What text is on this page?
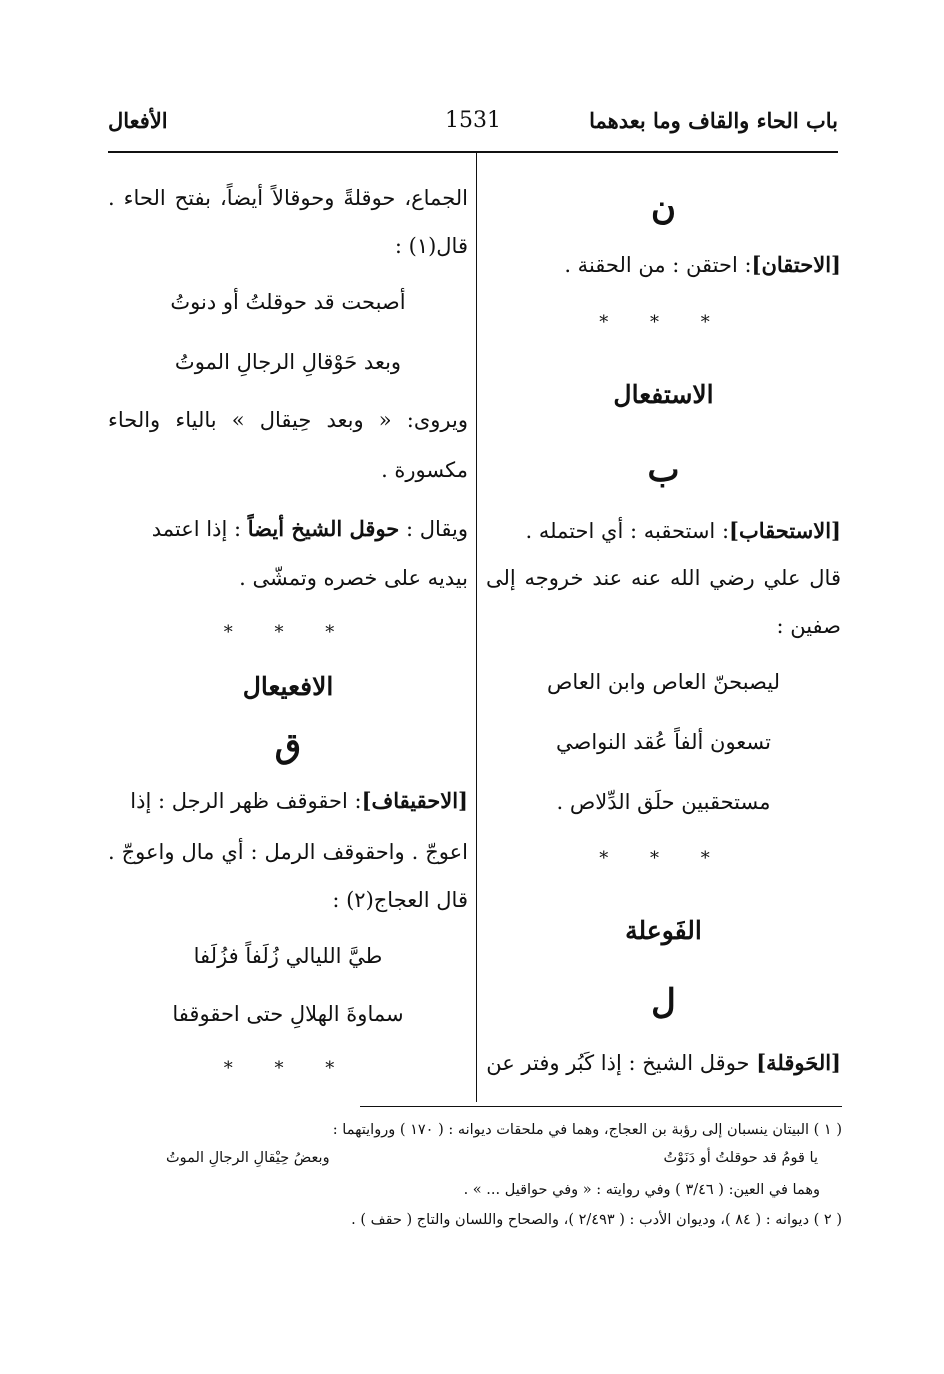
باب الحاء والقاف وما بعدهما
1531
الأفعال
ن
[الاحتقان]: احتقن : من الحقنة .
* * *
الاستفعال
ب
[الاستحقاب]: استحقبه : أي احتمله .
قال علي رضي الله عنه عند خروجه إلى
صفين :
ليصبحنّ العاص وابن العاص
تسعون ألفاً عُقد النواصي
مستحقبين حلَق الدِّلاص .
* * *
الفَوعلة
ل
[الحَوقلة] حوقل الشيخ : إذا كَبُر وفتر عن
الجماع، حوقلةً وحوقالاً أيضاً، بفتح الحاء .
قال(١) :
أصبحت قد حوقلتُ أو دنوتُ
وبعد حَوْقالِ الرجالِ الموتُ
ويروى: « وبعد حِيقال » بالياء والحاء
مكسورة .
ويقال : حوقل الشيخ أيضاً : إذا اعتمد
بيديه على خصره وتمشّى .
* * *
الافعيعال
ق
[الاحقيقاف]: احقوقف ظهر الرجل : إذا
اعوجّ . واحقوقف الرمل : أي مال واعوجّ .
قال العجاج(٢) :
طيَّ الليالي زُلَفاً فزُلَفا
سماوةَ الهلالِ حتى احقوقفا
* * *
( ١ ) البيتان ينسبان إلى رؤبة بن العجاج، وهما في ملحقات ديوانه : ( ١٧٠ ) وروايتهما :
يا قومُ قد حوقلتُ أو دَنَوْتُ
وبعضُ حِيْقالِ الرجالِ الموتُ
وهما في العين: ( ٣/٤٦ ) وفي روايته : « وفي حواقيل ... » .
( ٢ ) ديوانه : ( ٨٤ )، وديوان الأدب : ( ٢/٤٩٣ )، والصحاح واللسان والتاج ( حقف ) .
